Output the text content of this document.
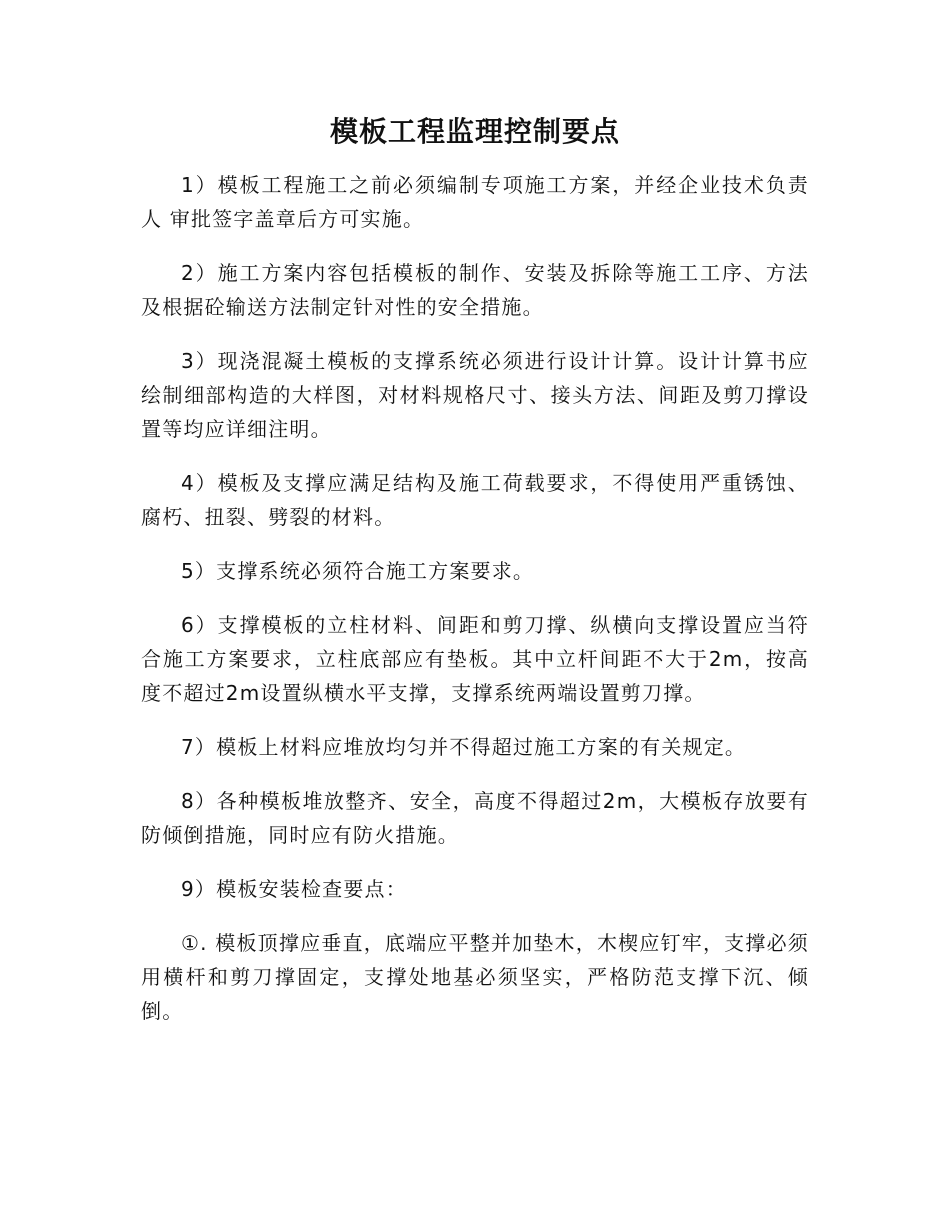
模板工程监理控制要点

1）模板工程施工之前必须编制专项施工方案，并经企业技术负责人 审批签字盖章后方可实施。

2）施工方案内容包括模板的制作、安装及拆除等施工工序、方法及根据砼输送方法制定针对性的安全措施。

3）现浇混凝土模板的支撑系统必须进行设计计算。设计计算书应绘制细部构造的大样图，对材料规格尺寸、接头方法、间距及剪刀撑设置等均应详细注明。

4）模板及支撑应满足结构及施工荷载要求，不得使用严重锈蚀、腐朽、扭裂、劈裂的材料。

5）支撑系统必须符合施工方案要求。

6）支撑模板的立柱材料、间距和剪刀撑、纵横向支撑设置应当符合施工方案要求，立柱底部应有垫板。其中立杆间距不大于2m，按高度不超过2m设置纵横水平支撑，支撑系统两端设置剪刀撑。

7）模板上材料应堆放均匀并不得超过施工方案的有关规定。

8）各种模板堆放整齐、安全，高度不得超过2m，大模板存放要有防倾倒措施，同时应有防火措施。

9）模板安装检查要点：

①. 模板顶撑应垂直，底端应平整并加垫木，木楔应钉牢，支撑必须用横杆和剪刀撑固定，支撑处地基必须坚实，严格防范支撑下沉、倾倒。
